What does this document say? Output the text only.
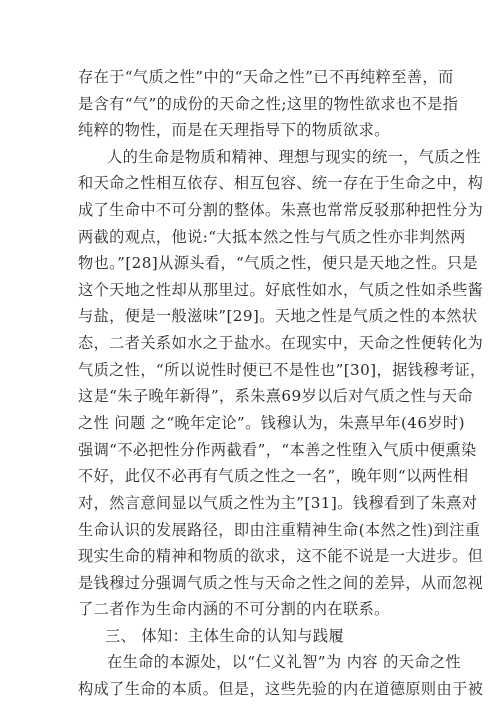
存在于“气质之性”中的“天命之性”已不再纯粹至善，而
是含有“气”的成份的天命之性;这里的物性欲求也不是指
纯粹的物性，而是在天理指导下的物质欲求。
人的生命是物质和精神、理想与现实的统一，气质之性
和天命之性相互依存、相互包容、统一存在于生命之中，构
成了生命中不可分割的整体。朱熹也常常反驳那种把性分为
两截的观点，他说:“大抵本然之性与气质之性亦非判然两
物也。”[28]从源头看，“气质之性，便只是天地之性。只是
这个天地之性却从那里过。好底性如水，气质之性如杀些酱
与盐，便是一般滋味”[29]。天地之性是气质之性的本然状
态，二者关系如水之于盐水。在现实中，天命之性便转化为
气质之性，“所以说性时便已不是性也”[30]，据钱穆考证，
这是“朱子晚年新得”，系朱熹69岁以后对气质之性与天命
之性 问题 之“晚年定论”。钱穆认为，朱熹早年(46岁时)
强调“不必把性分作两截看”，“本善之性堕入气质中便熏染
不好，此仅不必再有气质之性之一名”，晚年则“以两性相
对，然言意间显以气质之性为主”[31]。钱穆看到了朱熹对
生命认识的发展路径，即由注重精神生命(本然之性)到注重
现实生命的精神和物质的欲求，这不能不说是一大进步。但
是钱穆过分强调气质之性与天命之性之间的差异，从而忽视
了二者作为生命内涵的不可分割的内在联系。
三、 体知：主体生命的认知与践履
在生命的本源处，以“仁义礼智”为 内容 的天命之性
构成了生命的本质。但是，这些先验的内在道德原则由于被
